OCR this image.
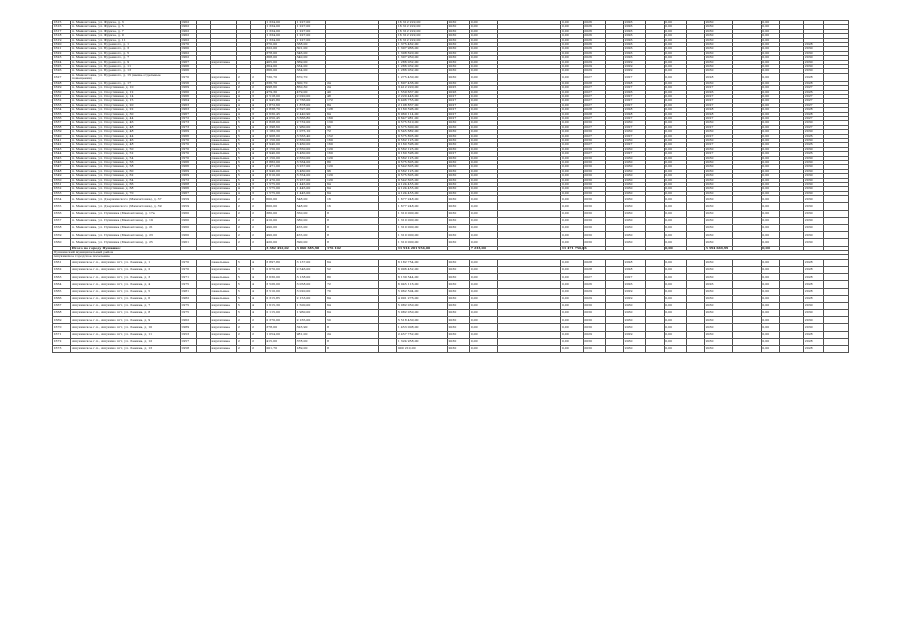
1615	п. Мамонтовка, ул. Фрунзе, д. 3	1962					1 334,00	1 227,00			16 312 222,00	2030	0,00		0,00	2026		2026		0,00		2030		0,00			
1616	п. Мамонтовка, ул. Фрунзе, д. 5	1962					1 334,00	1 227,00			16 312 222,00	2030	0,00		0,00	2026		2026		0,00		2030		0,00			
1617	п. Мамонтовка, ул. Фрунзе, д. 7	1962					1 334,00	1 227,00			16 312 222,00	2030	0,00		0,00	2026		2026		0,00		2030		0,00			
1618	п. Мамонтовка, ул. Фрунзе, д. 9	1962					1 334,00	1 227,00			16 312 222,00	2030	0,00		0,00	2026		2026		0,00		2030		0,00			
1619	п. Мамонтовка, ул. Фрунзе, д. 11	1962					1 334,00	1 227,00			16 312 222,00	2030	0,00		0,00	2026		2026		0,00		2030		0,00			
1620	п. Мамонтовка, ул. Буденного, д. 1	1970					370,00	338,00			1 375 462,00	2030	0,00		0,00	2026		2026		0,00		2030		0,00		2028	
1621	п. Мамонтовка, ул. Буденного, д. 3	1960					322,00	301,00			1 307 966,00	2030	0,00		0,00	2026		2026		0,00		2030		0,00		2030	
1622	п. Мамонтовка, ул. Буденного, д. 5	1962					378,00	346,00			1 308 620,00	2030	0,00		0,00	2026		2026		0,00		2030		0,00		2030	
1623	п. Мамонтовка, ул. Буденного, д. 7	1962					368,00	340,00			1 307 950,00	2030	0,00		0,00	2026		2026		0,00		2030		0,00		2030	
1624	п. Мамонтовка, ул. Буденного, д. 9	1967		кирпичные			405,00	369,00			1 286 032,00	2030	0,00		0,00	2029		2029		0,00		2030		0,00		2030	
1625	п. Мамонтовка, ул. Буденного, д. 11	1966					364,00	334,00			1 286 032,00	2030	0,00		0,00	2029		2029		0,00		2030		0,00		2030	
1626	п. Мамонтовка, ул. Буденного, д. 13	1966					366,00	334,00			1 286 032,00	2030	0,00		0,00	2029		2029		0,00		2030		0,00		2030	
1627	п. Мамонтовка, ул. Буденного, д. 15 (выше-отдельные помещения)	1970		кирпичные	2	2	730,70	670,70			1 275 430,00	2030	0,00		0,00	2027		2027		0,00		2028		0,00		2028	
1628	п. Мамонтовка, ул. Буденного, д. 17	1956		кирпичные	2	2	336,70	300,70	24		1 697 436,00	2030	0,00		0,00	2028		2028		0,00		2030		0,00		2028	
1629	п. Мамонтовка, ул. Спортивная, д. 10	1969		кирпичные	2	2	998,60	850,30	24		3 412 220,00	2025	0,00		0,00	2027		2027		0,00		2027		0,00		2027	
1630	п. Мамонтовка, ул. Спортивная, д. 12	1960		кирпичные	2	2	479,30	479,00	40		1 559 637,00	2026	0,00		0,00	2027		2026		0,00		2026		0,00		2026	
1631	п. Мамонтовка, ул. Спортивная, д. 14	1966		кирпичные	4	3	2 518,00	2 020,00	48		2 220 446,00	2027	0,00		0,00	2027		2027		0,00		2027		0,00		2027	
1632	п. Мамонтовка, ул. Спортивная, д. 15	1964		кирпичные	4	4	2 945,80	2 766,00	172		6 496 755,00	2027	0,00		0,00	2027		2027		0,00		2027		0,00		2027	
1633	п. Мамонтовка, ул. Спортивная, д. 20	1963		кирпичные	4	4	1 872,60	1 878,00	84		2 108 837,00	2027	0,00		0,00	2027		2027		0,00		2027		0,00		2027	
1634	п. Мамонтовка, ул. Спортивная, д. 22	1963		кирпичные	4	3	2 838,70	2 597,00	128		9 160 596,00	2027	0,00		0,00	2028		2028		0,00		2028		0,00		2028	
1635	п. Мамонтовка, ул. Спортивная, д. 30	1967		кирпичные	4	3	2 630,45	2 440,90	64		6 960 114,00	2027	0,00		0,00	2028		2028		0,00		2028		0,00		2028	
1636	п. Мамонтовка, ул. Спортивная, д. 44	1972		кирпичные	5	4	4 050,45	3 666,80	160		9 647 981,00	2027	0,00		0,00	2027		2027		0,00		2027		0,00		2027	
1637	п. Мамонтовка, ул. Спортивная, д. 46	1973		панельные	5	4	2 828,00	2 732,00	130		9 575 610,00	2030	0,00		0,00	2030		2030		0,00		2030		0,00		2030	
1638	п. Мамонтовка, ул. Спортивная, д. 48	1973		кирпичные	5	4	2 398,60	1 960,00	96		9 575 600,00	2030	0,00		0,00	2027		2027		0,00		2027		0,00		2027	
1639	п. Мамонтовка, ул. Спортивная, д. 48	1969		кирпичные	3	3	1 182,30	1 075,10	72		6 545 682,00	2030	0,00		0,00	2030		2030		0,00		2030		0,00		2030	
1640	п. Мамонтовка, ул. Спортивная, д. 44	1966		кирпичные	5	4	3 908,00	3 563,40	152		9 575 805,00	2030	0,00		0,00	2027		2027		0,00		2027		0,00		2026	
1641	п. Мамонтовка, ул. Спортивная, д. 46	1970		панельные	5	4	3 150,00	2 650,00	160		9 562 125,00	2030	0,00		0,00	2030		2030		0,00		2030		0,00		2030	
1642	п. Мамонтовка, ул. Спортивная, д. 48	1970		панельные	5	4	3 940,00	3 460,00	160		9 160 596,00	2030	0,00		0,00	2027		2027		0,00		2027		0,00		2026	
1643	п. Мамонтовка, ул. Спортивная, д. 50	1970		панельные	5	4	3 150,00	2 650,00	120		9 562 125,00	2030	0,00		0,00	2030		2030		0,00		2030		0,00		2030	
1644	п. Мамонтовка, ул. Спортивная, д. 52	1970		панельные	5	4	3 940,00	3 460,00	160		9 160 596,00	2027	0,00		0,00	2027		2027		0,00		2027		0,00		2026	
1645	п. Мамонтовка, ул. Спортивная, д. 54	1970		панельные	5	4	3 150,00	2 650,00	120		9 562 125,00	2030	0,00		0,00	2030		2030		0,00		2030		0,00		2030	
1646	п. Мамонтовка, ул. Спортивная, д. 56	1966		кирпичные	5	4	3 882,00	3 564,00	80		9 575 605,00	2030	0,00		0,00	2030		2030		0,00		2030		0,00		2030	
1647	п. Мамонтовка, ул. Спортивная, д. 58	1966		кирпичные	5	4	3 471,00	3 257,00	120		9 542 605,00	2030	0,00		0,00	2030		2030		0,00		2030		0,00		2030	
1648	п. Мамонтовка, ул. Спортивная, д. 60	1969		панельные	5	4	3 940,00	3 460,00	96		9 562 125,00	2030	0,00		0,00	2030		2030		0,00		2030		0,00		2030	
1649	п. Мамонтовка, ул. Спортивная, д. 62	1969		кирпичные	5	4	3 610,00	3 354,00	120		9 575 605,00	2030	0,00		0,00	2030		2030		0,00		2030		0,00		2030	
1650	п. Мамонтовка, ул. Спортивная, д. 64	1972		кирпичные	5	4	3 470,00	3 257,00	120		9 542 605,00	2030	0,00		0,00	2030		2030		0,00		2030		0,00		2030	
1651	п. Мамонтовка, ул. Спортивная, д. 66	1968		кирпичные	4	3	1 575,00	1 445,00	64		4 124 455,00	2030	0,00		0,00	2030		2030		0,00		2030		0,00		2030	
1652	п. Мамонтовка, ул. Спортивная, д. 68	1966		кирпичные	4	3	1 575,00	1 445,00	64		4 124 455,00	2030	0,00		0,00	2030		2030		0,00		2030		0,00		2030	
1653	п. Мамонтовка, ул. Спортивная, д. 70	1967		кирпичные	4	3	1 575,00	1 445,00	64		4 124 455,00	2030	0,00		0,00	2030		2030		0,00		2030		0,00		2030	
1654	п. Мамонтовка, ул. Дзержинского (Мамонтовка), д. 37	1959		кирпичные	2	2	600,00	548,00	16		1 677 248,00	2030	0,00		0,00	2030		2030		0,00		2030		0,00		2030	
1655	п. Мамонтовка, ул. Дзержинского (Мамонтовка), д. 39	1959		кирпичные	2	2	600,00	548,00	16		1 677 248,00	2030	0,00		0,00	2030		2030		0,00		2030		0,00		2030	
1656	п. Мамонтовка, ул. Пушкина (Мамонтовка), д. 17а	1960		кирпичные	2	2	380,00	350,00	8		1 310 000,00	2030	0,00		0,00	2030		2030		0,00		2030		0,00		2030	
1657	п. Мамонтовка, ул. Пушкина (Мамонтовка), д. 19	1960		кирпичные	2	2	410,00	380,00	8		1 310 000,00	2030	0,00		0,00	2030		2030		0,00		2030		0,00		2030	
1658	п. Мамонтовка, ул. Пушкина (Мамонтовка), д. 21	1960		кирпичные	2	2	490,00	455,00	8		1 310 000,00	2030	0,00		0,00	2030		2030		0,00		2030		0,00		2030	
1659	п. Мамонтовка, ул. Пушкина (Мамонтовка), д. 23	1960		кирпичные	2	2	490,00	455,00	8		1 310 000,00	2030	0,00		0,00	2030		2030		0,00		2030		0,00		2030	
1660	п. Мамонтовка, ул. Пушкина (Мамонтовка), д. 25	1961		кирпичные	2	2	420,00	390,00	8		1 310 000,00	2030	0,00		0,00	2030		2030		0,00		2030		0,00		2030	
	Итого по городу Пушкино:						3 382 452,02	3 060 385,98	176 102		11 914 201 954,00		7 233,00		11 471 756,06					0,00		3 394 669,99		0,00			
Пушкинский муниципальный район																											
Ашукинское городское поселение																											
1661	Ашукинское г.п., Ашукино пгт, ул. Ленина, д. 1	1970		панельные	5	4	3 897,80	3 137,00	64		6 182 754,00	2030	0,00		0,00	2028		2028		0,00		2030		0,00		2028	
1662	Ашукинское г.п., Ашукино пгт, ул. Ленина, д. 2	1970		кирпичные	3	3	2 670,00	2 546,00	52		6 996 452,00	2030	0,00		0,00	2028		2028		0,00		2030		0,00		2028	
1663	Ашукинское г.п., Ашукино пгт, ул. Ленина, д. 3	1971		панельные	5	4	3 630,00	3 138,00	80		6 139 544,00	2030	0,00		0,00	2027		2027		0,00		2030		0,00		2028	
1664	Ашукинское г.п., Ашукино пгт, ул. Ленина, д. 4	1975		кирпичные	5	4	3 526,00	3 058,00	72		6 045 116,00	2030	0,00		0,00	2026		2026		0,00		2026		0,00		2028	
1665	Ашукинское г.п., Ашукино пгт, ул. Ленина, д. 5	1981		панельные	5	4	3 510,00	3 020,00	70		5 962 504,00	2030	0,00		0,00	2029		2029		0,00		2030		0,00		2028	
1666	Ашукинское г.п., Ашукино пгт, ул. Ленина, д. 6	1982		панельные	5	4	2 315,85	2 153,00	64		4 991 276,00	2030	0,00		0,00	2029		2029		0,00		2030		0,00		2028	
1667	Ашукинское г.п., Ашукино пгт, ул. Ленина, д. 7	1975		кирпичные	5	4	1 615,30	1 500,00	64		5 082 050,00	2030	0,00		0,00	2030		2030		0,00		2030		0,00		2030	
1668	Ашукинское г.п., Ашукино пгт, ул. Ленина, д. 8	1975		кирпичные	5	4	2 115,00	1 960,00	64		5 082 050,00	2030	0,00		0,00	2030		2030		0,00		2030		0,00		2030	
1669	Ашукинское г.п., Ашукино пгт, ул. Ленина, д. 9	1962		кирпичные	2	2	2 370,00	2 165,00	50		5 518 430,00	2030	0,00		0,00	2030		2030		0,00		2030		0,00		2030	
1670	Ашукинское г.п., Ашукино пгт, ул. Ленина, д. 10	1989		кирпичные	2	2	378,00	323,90	8		1 453 008,00	2030	0,00		0,00	2030		2030		0,00		2030		0,00		2030	
1671	Ашукинское г.п., Ашукино пгт, ул. Ленина, д. 11	1953		кирпичные	2	2	1 054,00	981,00	24		2 457 752,00	2030	0,00		0,00	2029		2029		0,00		2030		0,00		2028	
1672	Ашукинское г.п., Ашукино пгт, ул. Ленина, д. 12	1957		кирпичные	2	2	415,00	378,00	8		1 324 958,00	2030	0,00		0,00	2030		2030		0,00		2030		0,00		2028	
1673	Ашукинское г.п., Ашукино пгт, ул. Ленина, д. 13	1958		кирпичные	2	2	201,70	189,00	8		900 210,00	2030	0,00		0,00	2030		2030		0,00		2030		0,00		2028	
